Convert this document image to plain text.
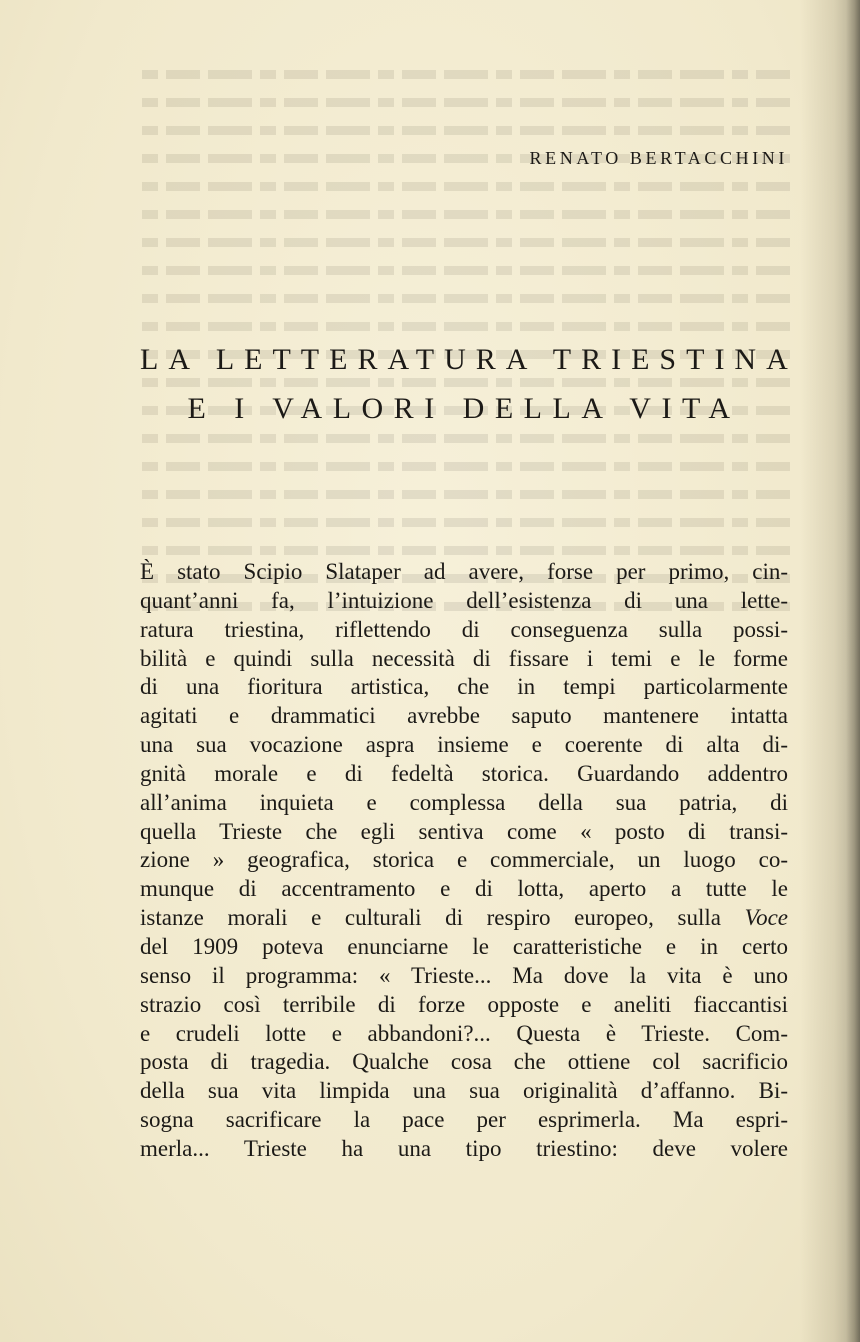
RENATO BERTACCHINI
LA LETTERATURA TRIESTINA
E I VALORI DELLA VITA
È stato Scipio Slataper ad avere, forse per primo, cin-
quant’anni fa, l’intuizione dell’esistenza di una lette-
ratura triestina, riflettendo di conseguenza sulla possi-
bilità e quindi sulla necessità di fissare i temi e le forme
di una fioritura artistica, che in tempi particolarmente
agitati e drammatici avrebbe saputo mantenere intatta
una sua vocazione aspra insieme e coerente di alta di-
gnità morale e di fedeltà storica. Guardando addentro
all’anima inquieta e complessa della sua patria, di
quella Trieste che egli sentiva come « posto di transi-
zione » geografica, storica e commerciale, un luogo co-
munque di accentramento e di lotta, aperto a tutte le
istanze morali e culturali di respiro europeo, sulla Voce
del 1909 poteva enunciarne le caratteristiche e in certo
senso il programma: « Trieste... Ma dove la vita è uno
strazio così terribile di forze opposte e aneliti fiaccantisi
e crudeli lotte e abbandoni?... Questa è Trieste. Com-
posta di tragedia. Qualche cosa che ottiene col sacrificio
della sua vita limpida una sua originalità d’affanno. Bi-
sogna sacrificare la pace per esprimerla. Ma espri-
merla... Trieste ha una tipo triestino: deve volere
